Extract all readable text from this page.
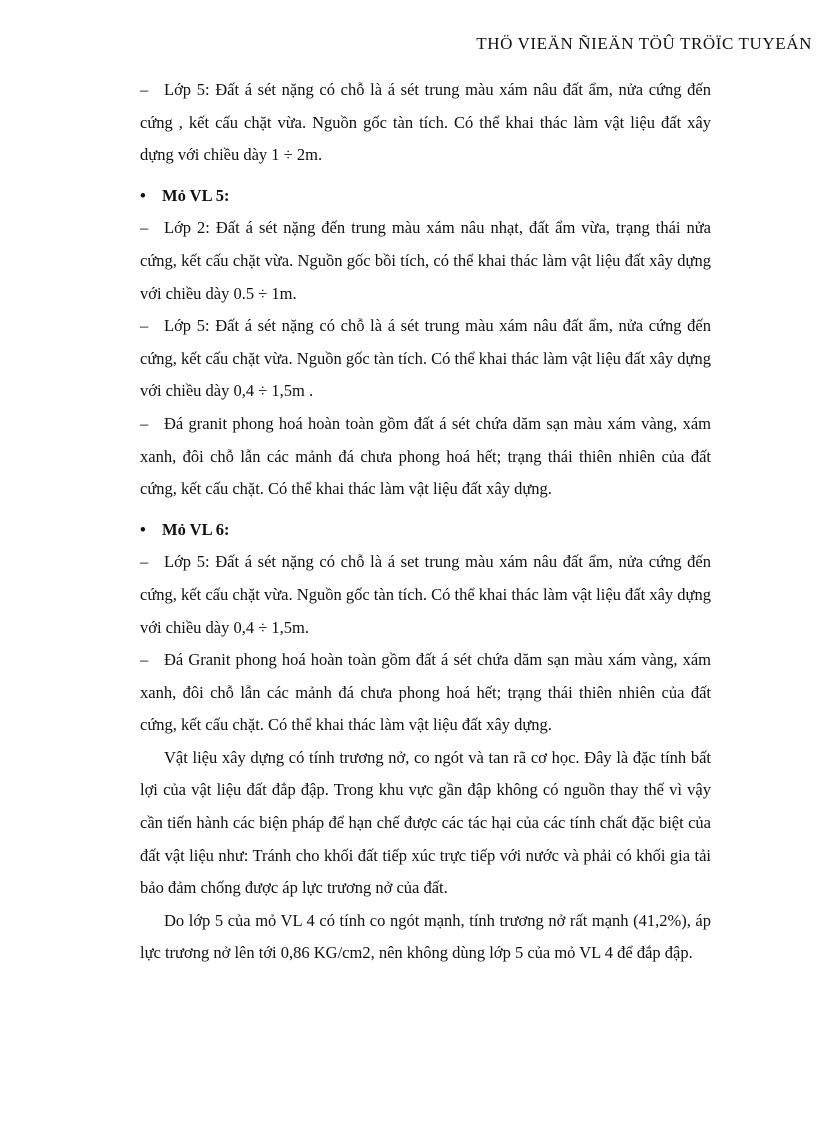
THÖ VIEÄN ÑIEÄN TÖÛ TRÖÏC TUYEÁN

– Lớp 5: Đất á sét nặng có chỗ là á sét trung màu xám nâu đất ẩm, nửa cứng đến cứng , kết cấu chặt vừa. Nguồn gốc tàn tích. Có thể khai thác làm vật liệu đất xây dựng với chiều dày 1 ÷ 2m.

• Mỏ VL 5:

– Lớp 2: Đất á sét nặng đến trung màu xám nâu nhạt, đất ẩm vừa, trạng thái nửa cứng, kết cấu chặt vừa. Nguồn gốc bồi tích, có thể khai thác làm vật liệu đất xây dựng với chiều dày 0.5 ÷ 1m.

– Lớp 5: Đất á sét nặng có chỗ là á sét trung màu xám nâu đất ẩm, nửa cứng đến cứng, kết cấu chặt vừa. Nguồn gốc tàn tích. Có thể khai thác làm vật liệu đất xây dựng với chiều dày 0,4 ÷ 1,5m .

– Đá granit phong hoá hoàn toàn gồm đất á sét chứa dăm sạn màu xám vàng, xám xanh, đôi chỗ lẫn các mảnh đá chưa phong hoá hết; trạng thái thiên nhiên của đất cứng, kết cấu chặt. Có thể khai thác làm vật liệu đất xây dựng.

• Mỏ VL 6:

– Lớp 5: Đất á sét nặng có chỗ là á set trung màu xám nâu đất ẩm, nửa cứng đến cứng, kết cấu chặt vừa. Nguồn gốc tàn tích. Có thể khai thác làm vật liệu đất xây dựng với chiều dày 0,4 ÷ 1,5m.

– Đá Granit phong hoá hoàn toàn gồm đất á sét chứa dăm sạn màu xám vàng, xám xanh, đôi chỗ lẫn các mảnh đá chưa phong hoá hết; trạng thái thiên nhiên của đất cứng, kết cấu chặt. Có thể khai thác làm vật liệu đất xây dựng.

Vật liệu xây dựng có tính trương nở, co ngót và tan rã cơ học. Đây là đặc tính bất lợi của vật liệu đất đắp đập. Trong khu vực gần đập không có nguồn thay thế vì vậy cần tiến hành các biện pháp để hạn chế được các tác hại của các tính chất đặc biệt của đất vật liệu như: Tránh cho khối đất tiếp xúc trực tiếp với nước và phải có khối gia tải bảo đảm chống được áp lực trương nở của đất.

Do lớp 5 của mỏ VL 4 có tính co ngót mạnh, tính trương nở rất mạnh (41,2%), áp lực trương nở lên tới 0,86 KG/cm2, nên không dùng lớp 5 của mỏ VL 4 để đắp đập.
